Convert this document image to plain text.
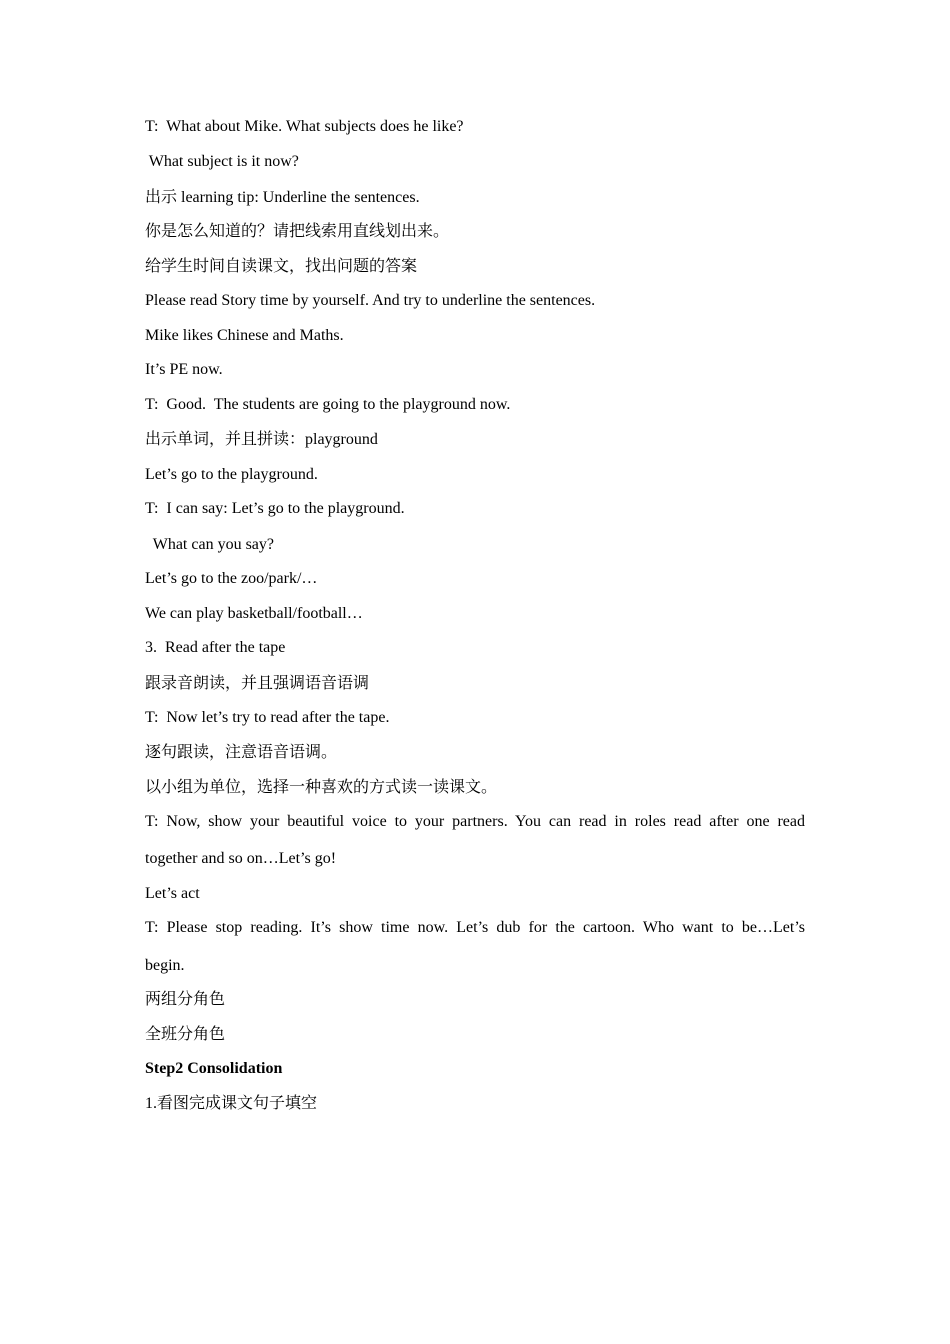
T:  What about Mike. What subjects does he like?
What subject is it now?
出示 learning tip: Underline the sentences.
你是怎么知道的？请把线索用直线划出来。
给学生时间自读课文，找出问题的答案
Please read Story time by yourself. And try to underline the sentences.
Mike likes Chinese and Maths.
It’s PE now.
T:  Good.  The students are going to the playground now.
出示单词，并且拼读：playground
Let’s go to the playground.
T:  I can say: Let’s go to the playground.
What can you say?
Let’s go to the zoo/park/…
We can play basketball/football…
3.  Read after the tape
跟录音朗读，并且强调语音语调
T:  Now let’s try to read after the tape.
逐句跟读，注意语音语调。
以小组为单位，选择一种喜欢的方式读一读课文。
T: Now, show your beautiful voice to your partners. You can read in roles read after one read
together and so on…Let’s go!
Let’s act
T: Please stop reading. It’s show time now. Let’s dub for the cartoon. Who want to be…Let’s
begin.
两组分角色
全班分角色
Step2 Consolidation
1.看图完成课文句子填空
